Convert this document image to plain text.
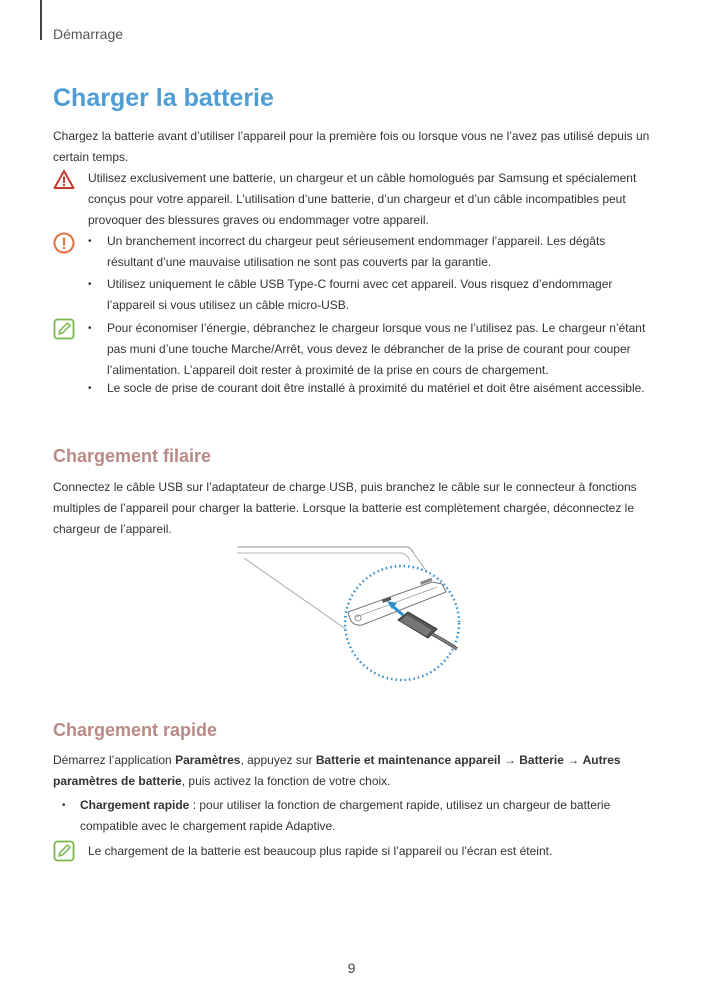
Démarrage
Charger la batterie

Chargez la batterie avant d’utiliser l’appareil pour la première fois ou lorsque vous ne l’avez pas utilisé depuis un certain temps.

Utilisez exclusivement une batterie, un chargeur et un câble homologués par Samsung et spécialement conçus pour votre appareil. L’utilisation d’une batterie, d’un chargeur et d’un câble incompatibles peut provoquer des blessures graves ou endommager votre appareil.

• Un branchement incorrect du chargeur peut sérieusement endommager l’appareil. Les dégâts résultant d’une mauvaise utilisation ne sont pas couverts par la garantie.
• Utilisez uniquement le câble USB Type-C fourni avec cet appareil. Vous risquez d’endommager l’appareil si vous utilisez un câble micro-USB.
• Pour économiser l’énergie, débranchez le chargeur lorsque vous ne l’utilisez pas. Le chargeur n’étant pas muni d’une touche Marche/Arrêt, vous devez le débrancher de la prise de courant pour couper l’alimentation. L’appareil doit rester à proximité de la prise en cours de chargement.
• Le socle de prise de courant doit être installé à proximité du matériel et doit être aisément accessible.
Chargement filaire

Connectez le câble USB sur l’adaptateur de charge USB, puis branchez le câble sur le connecteur à fonctions multiples de l’appareil pour charger la batterie. Lorsque la batterie est complètement chargée, déconnectez le chargeur de l’appareil.

Chargement rapide

Démarrez l’application Paramètres, appuyez sur Batterie et maintenance appareil → Batterie → Autres paramètres de batterie, puis activez la fonction de votre choix.

• Chargement rapide : pour utiliser la fonction de chargement rapide, utilisez un chargeur de batterie compatible avec le chargement rapide Adaptive.

Le chargement de la batterie est beaucoup plus rapide si l’appareil ou l’écran est éteint.

9
